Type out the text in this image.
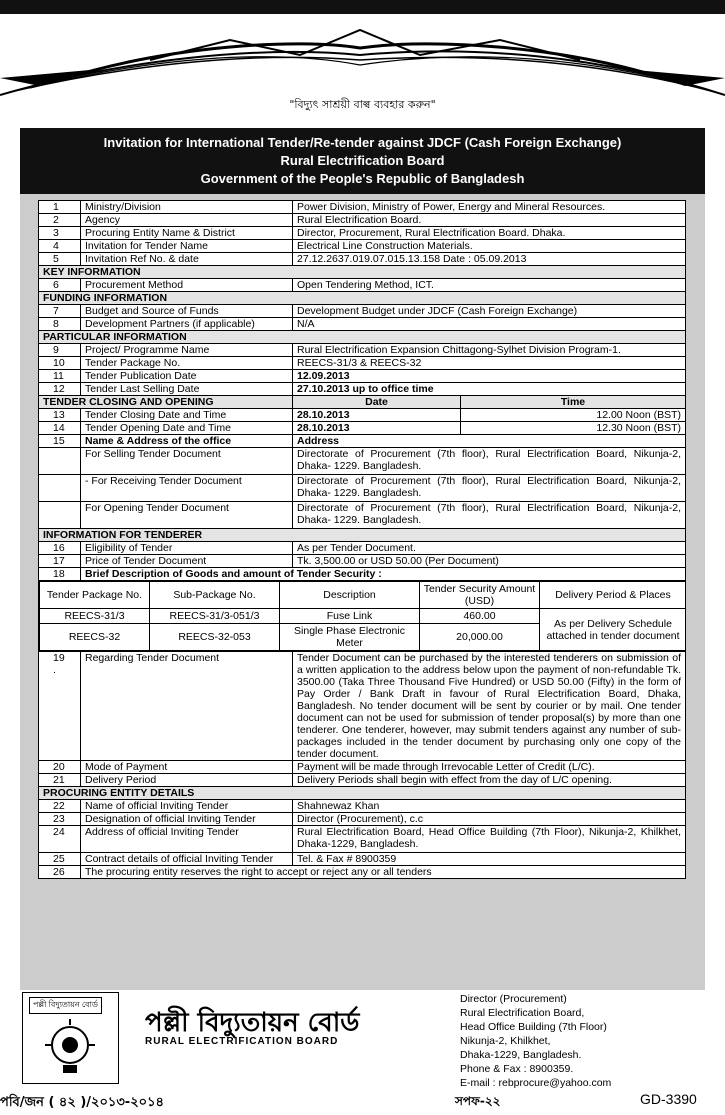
"বিদ্যুৎ সাশ্রয়ী বাল্ব ব্যবহার করুন"
Invitation for International Tender/Re-tender against JDCF (Cash Foreign Exchange)
Rural Electrification Board
Government of the People's Republic of Bangladesh
1	Ministry/Division	Power Division, Ministry of Power, Energy and Mineral Resources.
2	Agency	Rural Electrification Board.
3	Procuring Entity Name & District	Director, Procurement, Rural Electrification Board. Dhaka.
4	Invitation for Tender Name	Electrical Line Construction Materials.
5	Invitation Ref No. & date	27.12.2637.019.07.015.13.158 Date : 05.09.2013
KEY INFORMATION
6	Procurement Method	Open Tendering Method, ICT.
FUNDING INFORMATION
7	Budget and Source of Funds	Development Budget under JDCF (Cash Foreign Exchange)
8	Development Partners (if applicable)	N/A
PARTICULAR INFORMATION
9	Project/ Programme Name	Rural Electrification Expansion Chittagong-Sylhet Division Program-1.
10	Tender Package No.	REECS-31/3 & REECS-32
11	Tender Publication Date	12.09.2013
12	Tender Last Selling Date	27.10.2013 up to office time
TENDER CLOSING AND OPENING	Date	Time
13	Tender Closing Date and Time	28.10.2013	12.00 Noon (BST)
14	Tender Opening Date and Time	28.10.2013	12.30 Noon (BST)
15	Name & Address of the office	Address
	For Selling Tender Document	Directorate of Procurement (7th floor), Rural Electrification Board, Nikunja-2, Dhaka- 1229. Bangladesh.
	- For Receiving Tender Document	Directorate of Procurement (7th floor), Rural Electrification Board, Nikunja-2, Dhaka- 1229. Bangladesh.
	For Opening Tender Document	Directorate of Procurement (7th floor), Rural Electrification Board, Nikunja-2, Dhaka- 1229. Bangladesh.
INFORMATION FOR TENDERER
16	Eligibility of Tender	As per Tender Document.
17	Price of Tender Document	Tk. 3,500.00 or USD 50.00 (Per Document)
18	Brief Description of Goods and amount of Tender Security :

Tender Package No.	Sub-Package No.	Description	Tender Security Amount (USD)	Delivery Period & Places
REECS-31/3	REECS-31/3-051/3	Fuse Link	460.00	As per Delivery Schedule attached in tender document
REECS-32	REECS-32-053	Single Phase Electronic Meter	20,000.00

19
.	Regarding Tender Document	Tender Document can be purchased by the interested tenderers on submission of a written application to the address below upon the payment of non-refundable Tk. 3500.00 (Taka Three Thousand Five Hundred) or USD 50.00 (Fifty) in the form of Pay Order / Bank Draft in favour of Rural Electrification Board, Dhaka, Bangladesh. No tender document will be sent by courier or by mail. One tender document can not be used for submission of tender proposal(s) by more than one tenderer. One tenderer, however, may submit tenders against any number of sub-packages included in the tender document by purchasing only one copy of the tender document.
20	Mode of Payment	Payment will be made through Irrevocable Letter of Credit (L/C).
21	Delivery Period	Delivery Periods shall begin with effect from the day of L/C opening.
PROCURING ENTITY DETAILS
22	Name of official Inviting Tender	Shahnewaz Khan
23	Designation of official Inviting Tender	Director (Procurement), c.c
24	Address of official Inviting Tender	Rural Electrification Board, Head Office Building (7th Floor), Nikunja-2, Khilkhet, Dhaka-1229, Bangladesh.
25	Contract details of official Inviting Tender	Tel. & Fax # 8900359
26	The procuring entity reserves the right to accept or reject any or all tenders
পল্লী বিদ্যুতায়ন বোর্ড
পল্লী বিদ্যুতায়ন বোর্ড
RURAL ELECTRIFICATION BOARD
Director (Procurement)
Rural Electrification Board,
Head Office Building (7th Floor)
Nikunja-2, Khilkhet,
Dhaka-1229, Bangladesh.
Phone & Fax : 8900359.
E-mail : rebprocure@yahoo.com
পবি/জন ( ৪২ )/২০১৩-২০১৪	সপফ-২২	GD-3390
